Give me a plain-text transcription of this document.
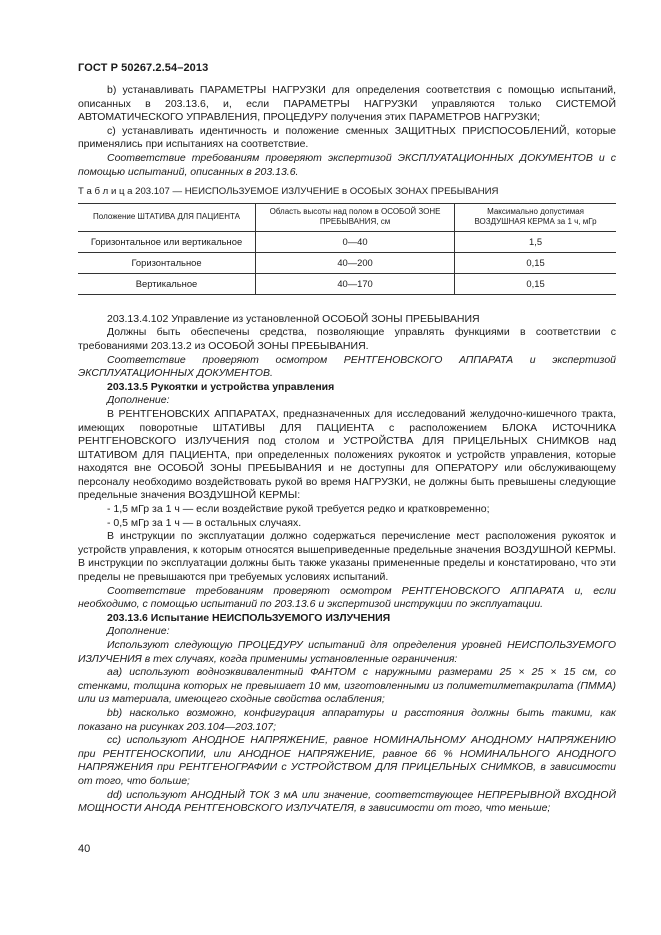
ГОСТ Р 50267.2.54–2013

b) устанавливать ПАРАМЕТРЫ НАГРУЗКИ для определения соответствия с помощью испытаний, описанных в 203.13.6, и, если ПАРАМЕТРЫ НАГРУЗКИ управляются только СИСТЕМОЙ АВТОМАТИЧЕСКОГО УПРАВЛЕНИЯ, ПРОЦЕДУРУ получения этих ПАРАМЕТРОВ НАГРУЗКИ;

c) устанавливать идентичность и положение сменных ЗАЩИТНЫХ ПРИСПОСОБЛЕНИЙ, которые применялись при испытаниях на соответствие.

Соответствие требованиям проверяют экспертизой ЭКСПЛУАТАЦИОННЫХ ДОКУМЕНТОВ и с помощью испытаний, описанных в 203.13.6.

Т а б л и ц а 203.107 — НЕИСПОЛЬЗУЕМОЕ ИЗЛУЧЕНИЕ в ОСОБЫХ ЗОНАХ ПРЕБЫВАНИЯ

Положение ШТАТИВА ДЛЯ ПАЦИЕНТА	Область высоты над полом в ОСОБОЙ ЗОНЕ ПРЕБЫВАНИЯ, см	Максимально допустимая ВОЗДУШНАЯ КЕРМА за 1 ч, мГр
Горизонтальное или вертикальное	0—40	1,5
Горизонтальное	40—200	0,15
Вертикальное	40—170	0,15

203.13.4.102 Управление из установленной ОСОБОЙ ЗОНЫ ПРЕБЫВАНИЯ

Должны быть обеспечены средства, позволяющие управлять функциями в соответствии с требованиями 203.13.2 из ОСОБОЙ ЗОНЫ ПРЕБЫВАНИЯ.

Соответствие проверяют осмотром РЕНТГЕНОВСКОГО АППАРАТА и экспертизой ЭКСПЛУАТАЦИОННЫХ ДОКУМЕНТОВ.

203.13.5 Рукоятки и устройства управления

Дополнение:

В РЕНТГЕНОВСКИХ АППАРАТАХ, предназначенных для исследований желудочно-кишечного тракта, имеющих поворотные ШТАТИВЫ ДЛЯ ПАЦИЕНТА с расположением БЛОКА ИСТОЧНИКА РЕНТГЕНОВСКОГО ИЗЛУЧЕНИЯ под столом и УСТРОЙСТВА ДЛЯ ПРИЦЕЛЬНЫХ СНИМКОВ над ШТАТИВОМ ДЛЯ ПАЦИЕНТА, при определенных положениях рукояток и устройств управления, которые находятся вне ОСОБОЙ ЗОНЫ ПРЕБЫВАНИЯ и не доступны для ОПЕРАТОРУ или обслуживающему персоналу необходимо воздействовать рукой во время НАГРУЗКИ, не должны быть превышены следующие предельные значения ВОЗДУШНОЙ КЕРМЫ:

- 1,5 мГр за 1 ч — если воздействие рукой требуется редко и кратковременно;

- 0,5 мГр за 1 ч — в остальных случаях.

В инструкции по эксплуатации должно содержаться перечисление мест расположения рукояток и устройств управления, к которым относятся вышеприведенные предельные значения ВОЗДУШНОЙ КЕРМЫ. В инструкции по эксплуатации должны быть также указаны примененные пределы и констатировано, что эти пределы не превышаются при требуемых условиях испытаний.

Соответствие требованиям проверяют осмотром РЕНТГЕНОВСКОГО АППАРАТА и, если необходимо, с помощью испытаний по 203.13.6 и экспертизой инструкции по эксплуатации.

203.13.6 Испытание НЕИСПОЛЬЗУЕМОГО ИЗЛУЧЕНИЯ

Дополнение:

Используют следующую ПРОЦЕДУРУ испытаний для определения уровней НЕИСПОЛЬЗУЕМОГО ИЗЛУЧЕНИЯ в тех случаях, когда применимы установленные ограничения:

aa) используют водноэквивалентный ФАНТОМ с наружными размерами 25 × 25 × 15 см, со стенками, толщина которых не превышает 10 мм, изготовленными из полиметилметакрилата (ПММА) или из материала, имеющего сходные свойства ослабления;

bb) насколько возможно, конфигурация аппаратуры и расстояния должны быть такими, как показано на рисунках 203.104—203.107;

cc) используют АНОДНОЕ НАПРЯЖЕНИЕ, равное НОМИНАЛЬНОМУ АНОДНОМУ НАПРЯЖЕНИЮ при РЕНТГЕНОСКОПИИ, или АНОДНОЕ НАПРЯЖЕНИЕ, равное 66 % НОМИНАЛЬНОГО АНОДНОГО НАПРЯЖЕНИЯ при РЕНТГЕНОГРАФИИ с УСТРОЙСТВОМ ДЛЯ ПРИЦЕЛЬНЫХ СНИМКОВ, в зависимости от того, что больше;

dd) используют АНОДНЫЙ ТОК 3 мА или значение, соответствующее НЕПРЕРЫВНОЙ ВХОДНОЙ МОЩНОСТИ АНОДА РЕНТГЕНОВСКОГО ИЗЛУЧАТЕЛЯ, в зависимости от того, что меньше;

40
